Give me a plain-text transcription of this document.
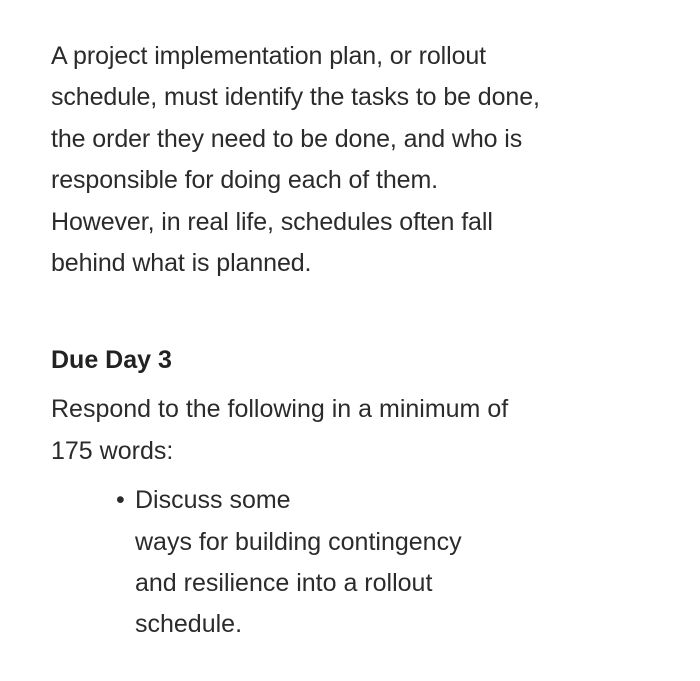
A project implementation plan, or rollout
schedule, must identify the tasks to be done,
the order they need to be done, and who is
responsible for doing each of them.
However, in real life, schedules often fall
behind what is planned.

Due Day 3

Respond to the following in a minimum of
175 words:

• Discuss some
ways for building contingency
and resilience into a rollout
schedule.
